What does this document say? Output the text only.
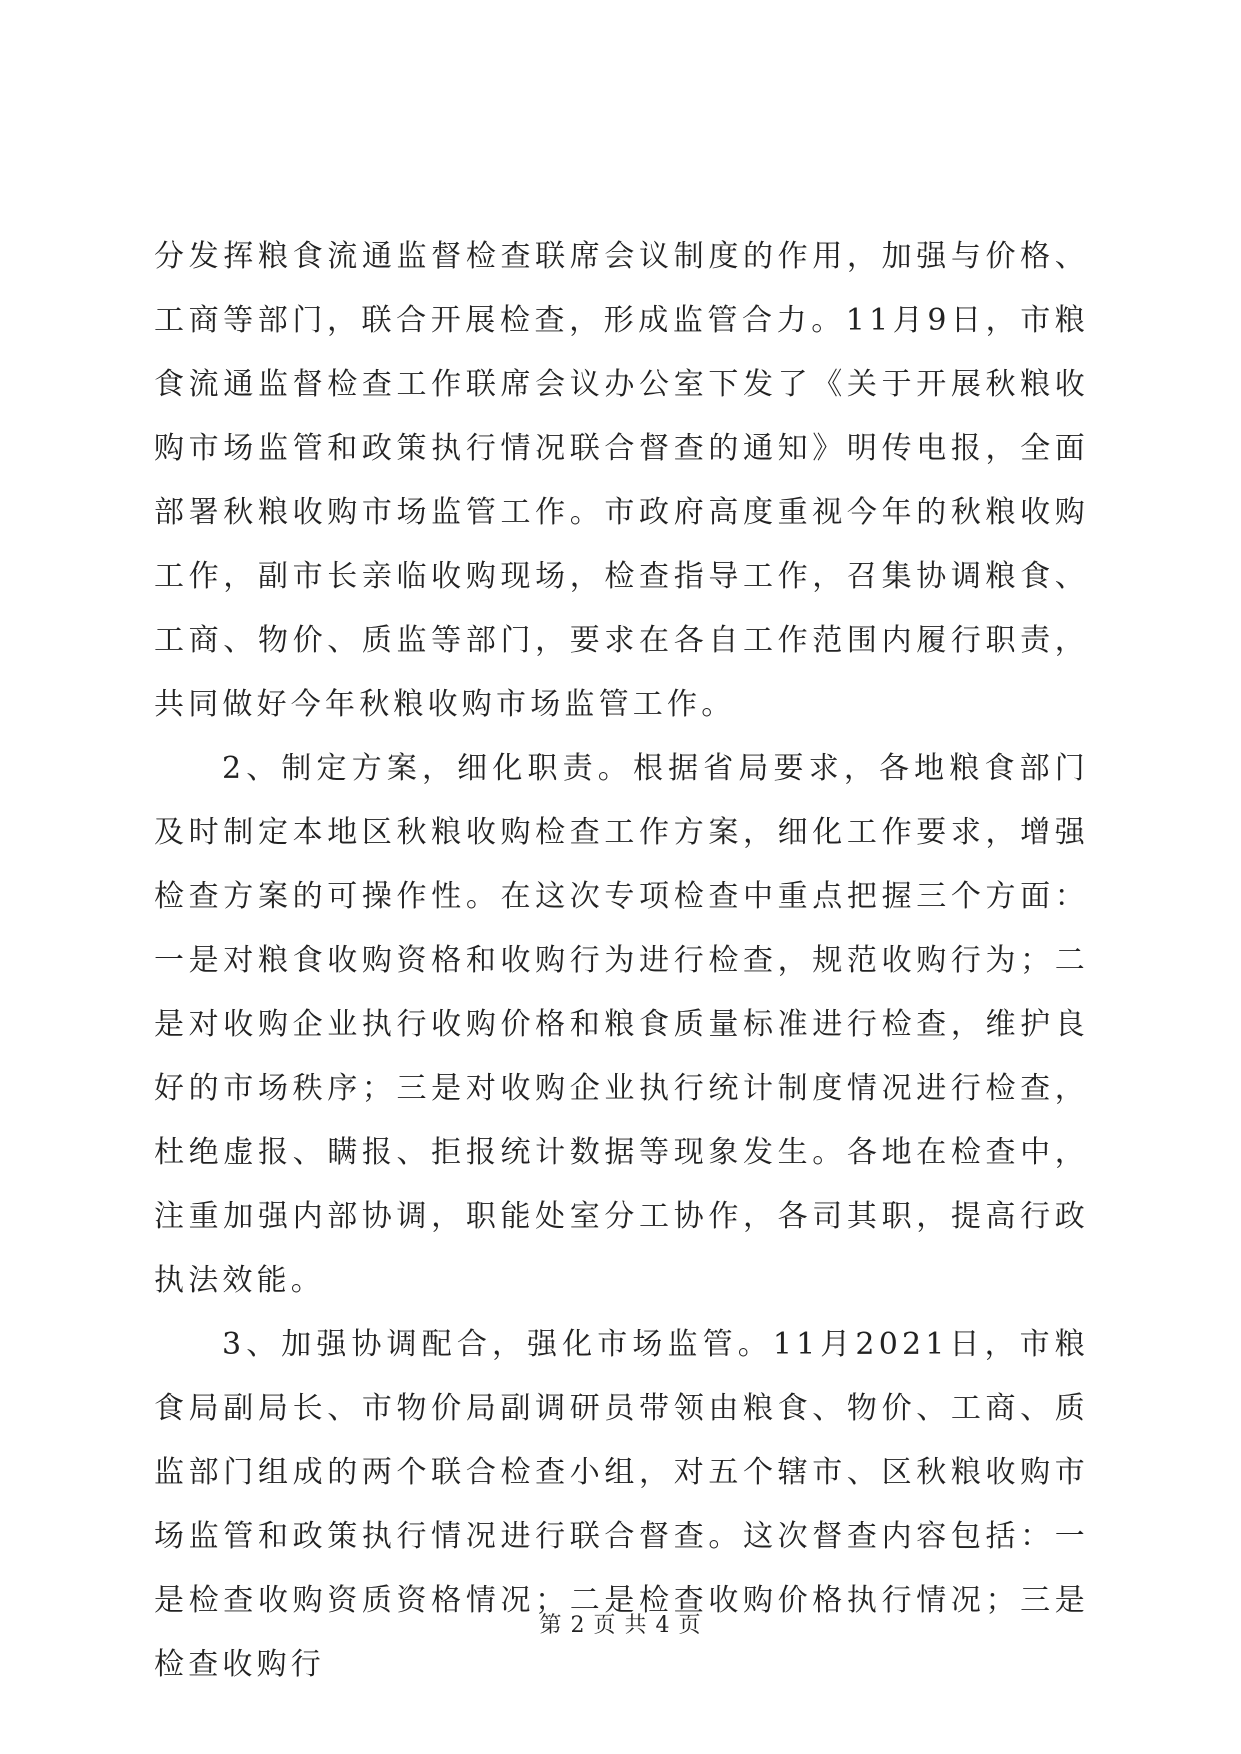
分发挥粮食流通监督检查联席会议制度的作用，加强与价格、工商等部门，联合开展检查，形成监管合力。11月9日，市粮食流通监督检查工作联席会议办公室下发了《关于开展秋粮收购市场监管和政策执行情况联合督查的通知》明传电报，全面部署秋粮收购市场监管工作。市政府高度重视今年的秋粮收购工作，副市长亲临收购现场，检查指导工作，召集协调粮食、工商、物价、质监等部门，要求在各自工作范围内履行职责，共同做好今年秋粮收购市场监管工作。

2、制定方案，细化职责。根据省局要求，各地粮食部门及时制定本地区秋粮收购检查工作方案，细化工作要求，增强检查方案的可操作性。在这次专项检查中重点把握三个方面：一是对粮食收购资格和收购行为进行检查，规范收购行为；二是对收购企业执行收购价格和粮食质量标准进行检查，维护良好的市场秩序；三是对收购企业执行统计制度情况进行检查，杜绝虚报、瞒报、拒报统计数据等现象发生。各地在检查中，注重加强内部协调，职能处室分工协作，各司其职，提高行政执法效能。

3、加强协调配合，强化市场监管。11月2021日，市粮食局副局长、市物价局副调研员带领由粮食、物价、工商、质监部门组成的两个联合检查小组，对五个辖市、区秋粮收购市场监管和政策执行情况进行联合督查。这次督查内容包括：一是检查收购资质资格情况；二是检查收购价格执行情况；三是检查收购行

第 2 页 共 4 页
